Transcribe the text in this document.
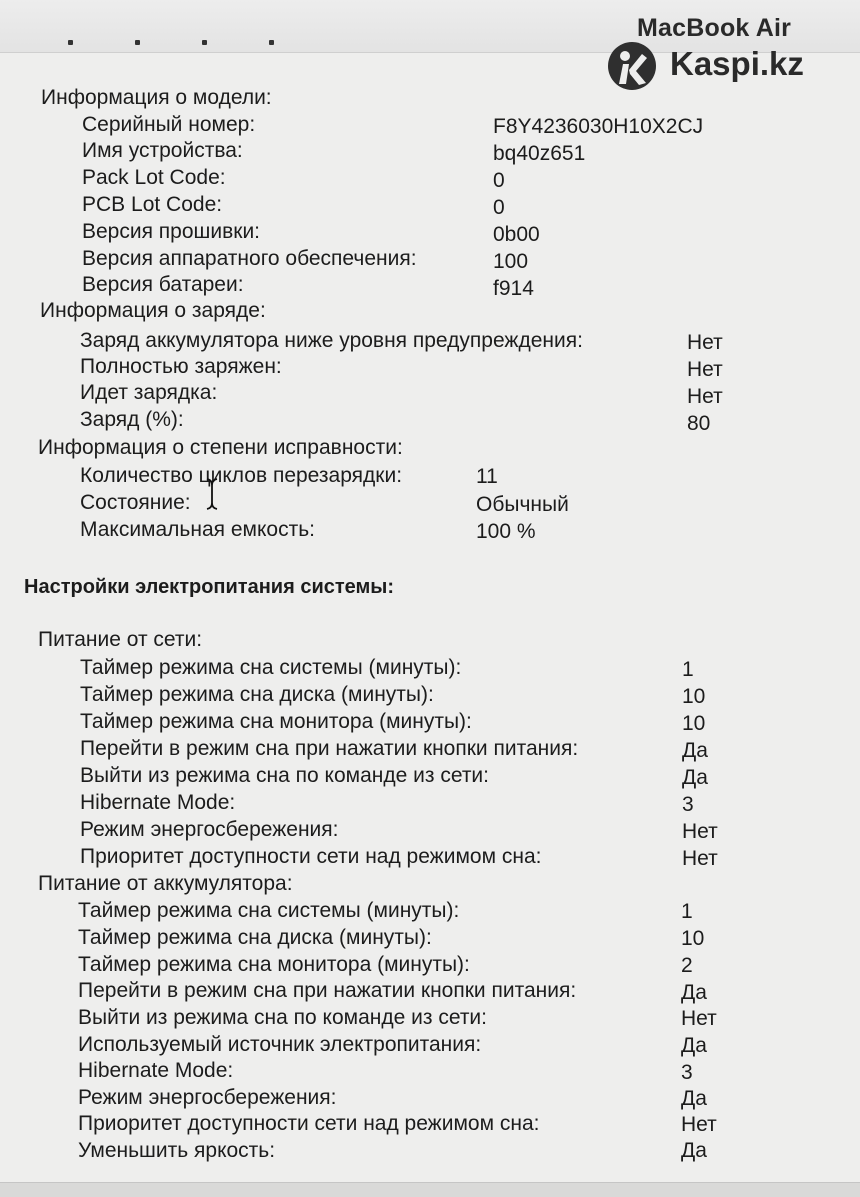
MacBook Air
Kaspi.kz
Информация о модели:
Серийный номер:	F8Y4236030H10X2CJ
Имя устройства:	bq40z651
Pack Lot Code:	0
PCB Lot Code:	0
Версия прошивки:	0b00
Версия аппаратного обеспечения:	100
Версия батареи:	f914
Информация о заряде:
Заряд аккумулятора ниже уровня предупреждения:	Нет
Полностью заряжен:	Нет
Идет зарядка:	Нет
Заряд (%):	80
Информация о степени исправности:
Количество циклов перезарядки:	11
Состояние:	Обычный
Максимальная емкость:	100 %
Настройки электропитания системы:
Питание от сети:
Таймер режима сна системы (минуты):	1
Таймер режима сна диска (минуты):	10
Таймер режима сна монитора (минуты):	10
Перейти в режим сна при нажатии кнопки питания:	Да
Выйти из режима сна по команде из сети:	Да
Hibernate Mode:	3
Режим энергосбережения:	Нет
Приоритет доступности сети над режимом сна:	Нет
Питание от аккумулятора:
Таймер режима сна системы (минуты):	1
Таймер режима сна диска (минуты):	10
Таймер режима сна монитора (минуты):	2
Перейти в режим сна при нажатии кнопки питания:	Да
Выйти из режима сна по команде из сети:	Нет
Используемый источник электропитания:	Да
Hibernate Mode:	3
Режим энергосбережения:	Да
Приоритет доступности сети над режимом сна:	Нет
Уменьшить яркость:	Да
